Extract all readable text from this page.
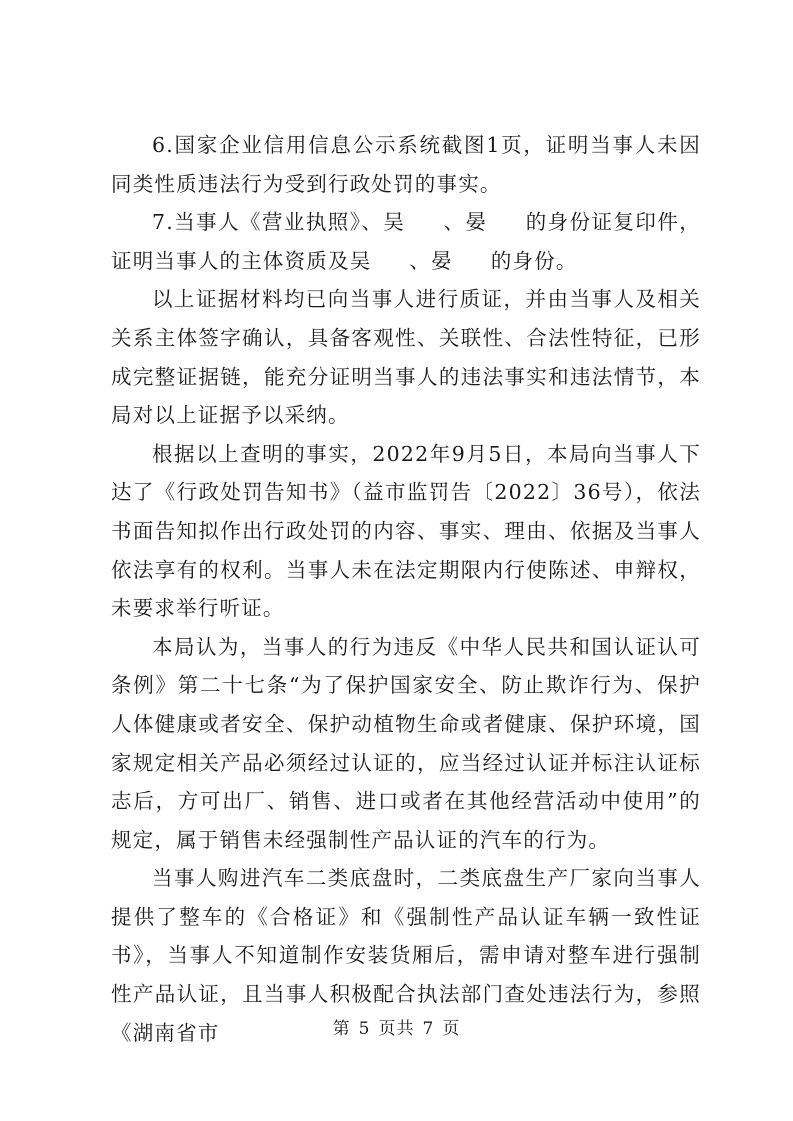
6.国家企业信用信息公示系统截图1页，证明当事人未因同类性质违法行为受到行政处罚的事实。

7.当事人《营业执照》、吴 、晏 的身份证复印件，证明当事人的主体资质及吴 、晏 的身份。

以上证据材料均已向当事人进行质证，并由当事人及相关关系主体签字确认，具备客观性、关联性、合法性特征，已形成完整证据链，能充分证明当事人的违法事实和违法情节，本局对以上证据予以采纳。

根据以上查明的事实，2022年9月5日，本局向当事人下达了《行政处罚告知书》（益市监罚告〔2022〕36号），依法书面告知拟作出行政处罚的内容、事实、理由、依据及当事人依法享有的权利。当事人未在法定期限内行使陈述、申辩权，未要求举行听证。

本局认为，当事人的行为违反《中华人民共和国认证认可条例》第二十七条“为了保护国家安全、防止欺诈行为、保护人体健康或者安全、保护动植物生命或者健康、保护环境，国家规定相关产品必须经过认证的，应当经过认证并标注认证标志后，方可出厂、销售、进口或者在其他经营活动中使用”的规定，属于销售未经强制性产品认证的汽车的行为。

当事人购进汽车二类底盘时，二类底盘生产厂家向当事人提供了整车的《合格证》和《强制性产品认证车辆一致性证书》，当事人不知道制作安装货厢后，需申请对整车进行强制性产品认证，且当事人积极配合执法部门查处违法行为，参照《湖南省市	第 5 页共 7 页
